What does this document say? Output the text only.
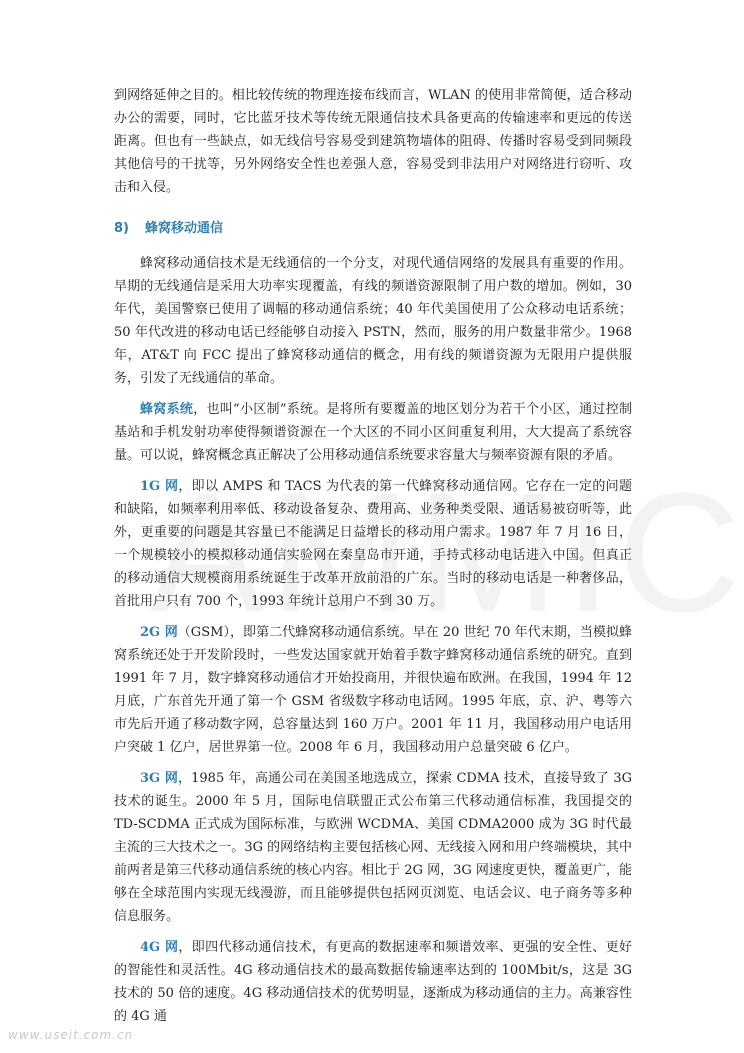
到网络延伸之目的。相比较传统的物理连接布线而言，WLAN 的使用非常简便，适合移动办公的需要，同时，它比蓝牙技术等传统无限通信技术具备更高的传输速率和更远的传送距离。但也有一些缺点，如无线信号容易受到建筑物墙体的阻碍、传播时容易受到同频段其他信号的干扰等，另外网络安全性也差强人意，容易受到非法用户对网络进行窃听、攻击和入侵。

8) 蜂窝移动通信

蜂窝移动通信技术是无线通信的一个分支，对现代通信网络的发展具有重要的作用。早期的无线通信是采用大功率实现覆盖，有线的频谱资源限制了用户数的增加。例如，30 年代，美国警察已使用了调幅的移动通信系统；40 年代美国使用了公众移动电话系统；50 年代改进的移动电话已经能够自动接入 PSTN，然而，服务的用户数量非常少。1968 年，AT&T 向 FCC 提出了蜂窝移动通信的概念，用有线的频谱资源为无限用户提供服务，引发了无线通信的革命。

蜂窝系统，也叫“小区制”系统。是将所有要覆盖的地区划分为若干个小区，通过控制基站和手机发射功率使得频谱资源在一个大区的不同小区间重复利用，大大提高了系统容量。可以说，蜂窝概念真正解决了公用移动通信系统要求容量大与频率资源有限的矛盾。

1G 网，即以 AMPS 和 TACS 为代表的第一代蜂窝移动通信网。它存在一定的问题和缺陷，如频率利用率低、移动设备复杂、费用高、业务种类受限、通话易被窃听等，此外，更重要的问题是其容量已不能满足日益增长的移动用户需求。1987 年 7 月 16 日，一个规模较小的模拟移动通信实验网在秦皇岛市开通，手持式移动电话进入中国。但真正的移动通信大规模商用系统诞生于改革开放前沿的广东。当时的移动电话是一种奢侈品，首批用户只有 700 个，1993 年统计总用户不到 30 万。

2G 网（GSM），即第二代蜂窝移动通信系统。早在 20 世纪 70 年代末期，当模拟蜂窝系统还处于开发阶段时，一些发达国家就开始着手数字蜂窝移动通信系统的研究。直到 1991 年 7 月，数字蜂窝移动通信才开始投商用，并很快遍布欧洲。在我国，1994 年 12 月底，广东首先开通了第一个 GSM 省级数字移动电话网。1995 年底，京、沪、粤等六市先后开通了移动数字网，总容量达到 160 万户。2001 年 11 月，我国移动用户电话用户突破 1 亿户，居世界第一位。2008 年 6 月，我国移动用户总量突破 6 亿户。

3G 网，1985 年，高通公司在美国圣地选成立，探索 CDMA 技术，直接导致了 3G 技术的诞生。2000 年 5 月，国际电信联盟正式公布第三代移动通信标准，我国提交的 TD-SCDMA 正式成为国际标准，与欧洲 WCDMA、美国 CDMA2000 成为 3G 时代最主流的三大技术之一。3G 的网络结构主要包括核心网、无线接入网和用户终端模块，其中前两者是第三代移动通信系统的核心内容。相比于 2G 网，3G 网速度更快，覆盖更广，能够在全球范围内实现无线漫游，而且能够提供包括网页浏览、电话会议、电子商务等多种信息服务。

4G 网，即四代移动通信技术，有更高的数据速率和频谱效率、更强的安全性、更好的智能性和灵活性。4G 移动通信技术的最高数据传输速率达到的 100Mbit/s，这是 3G 技术的 50 倍的速度。4G 移动通信技术的优势明显，逐渐成为移动通信的主力。高兼容性的 4G 通

www.useit.com.cn
